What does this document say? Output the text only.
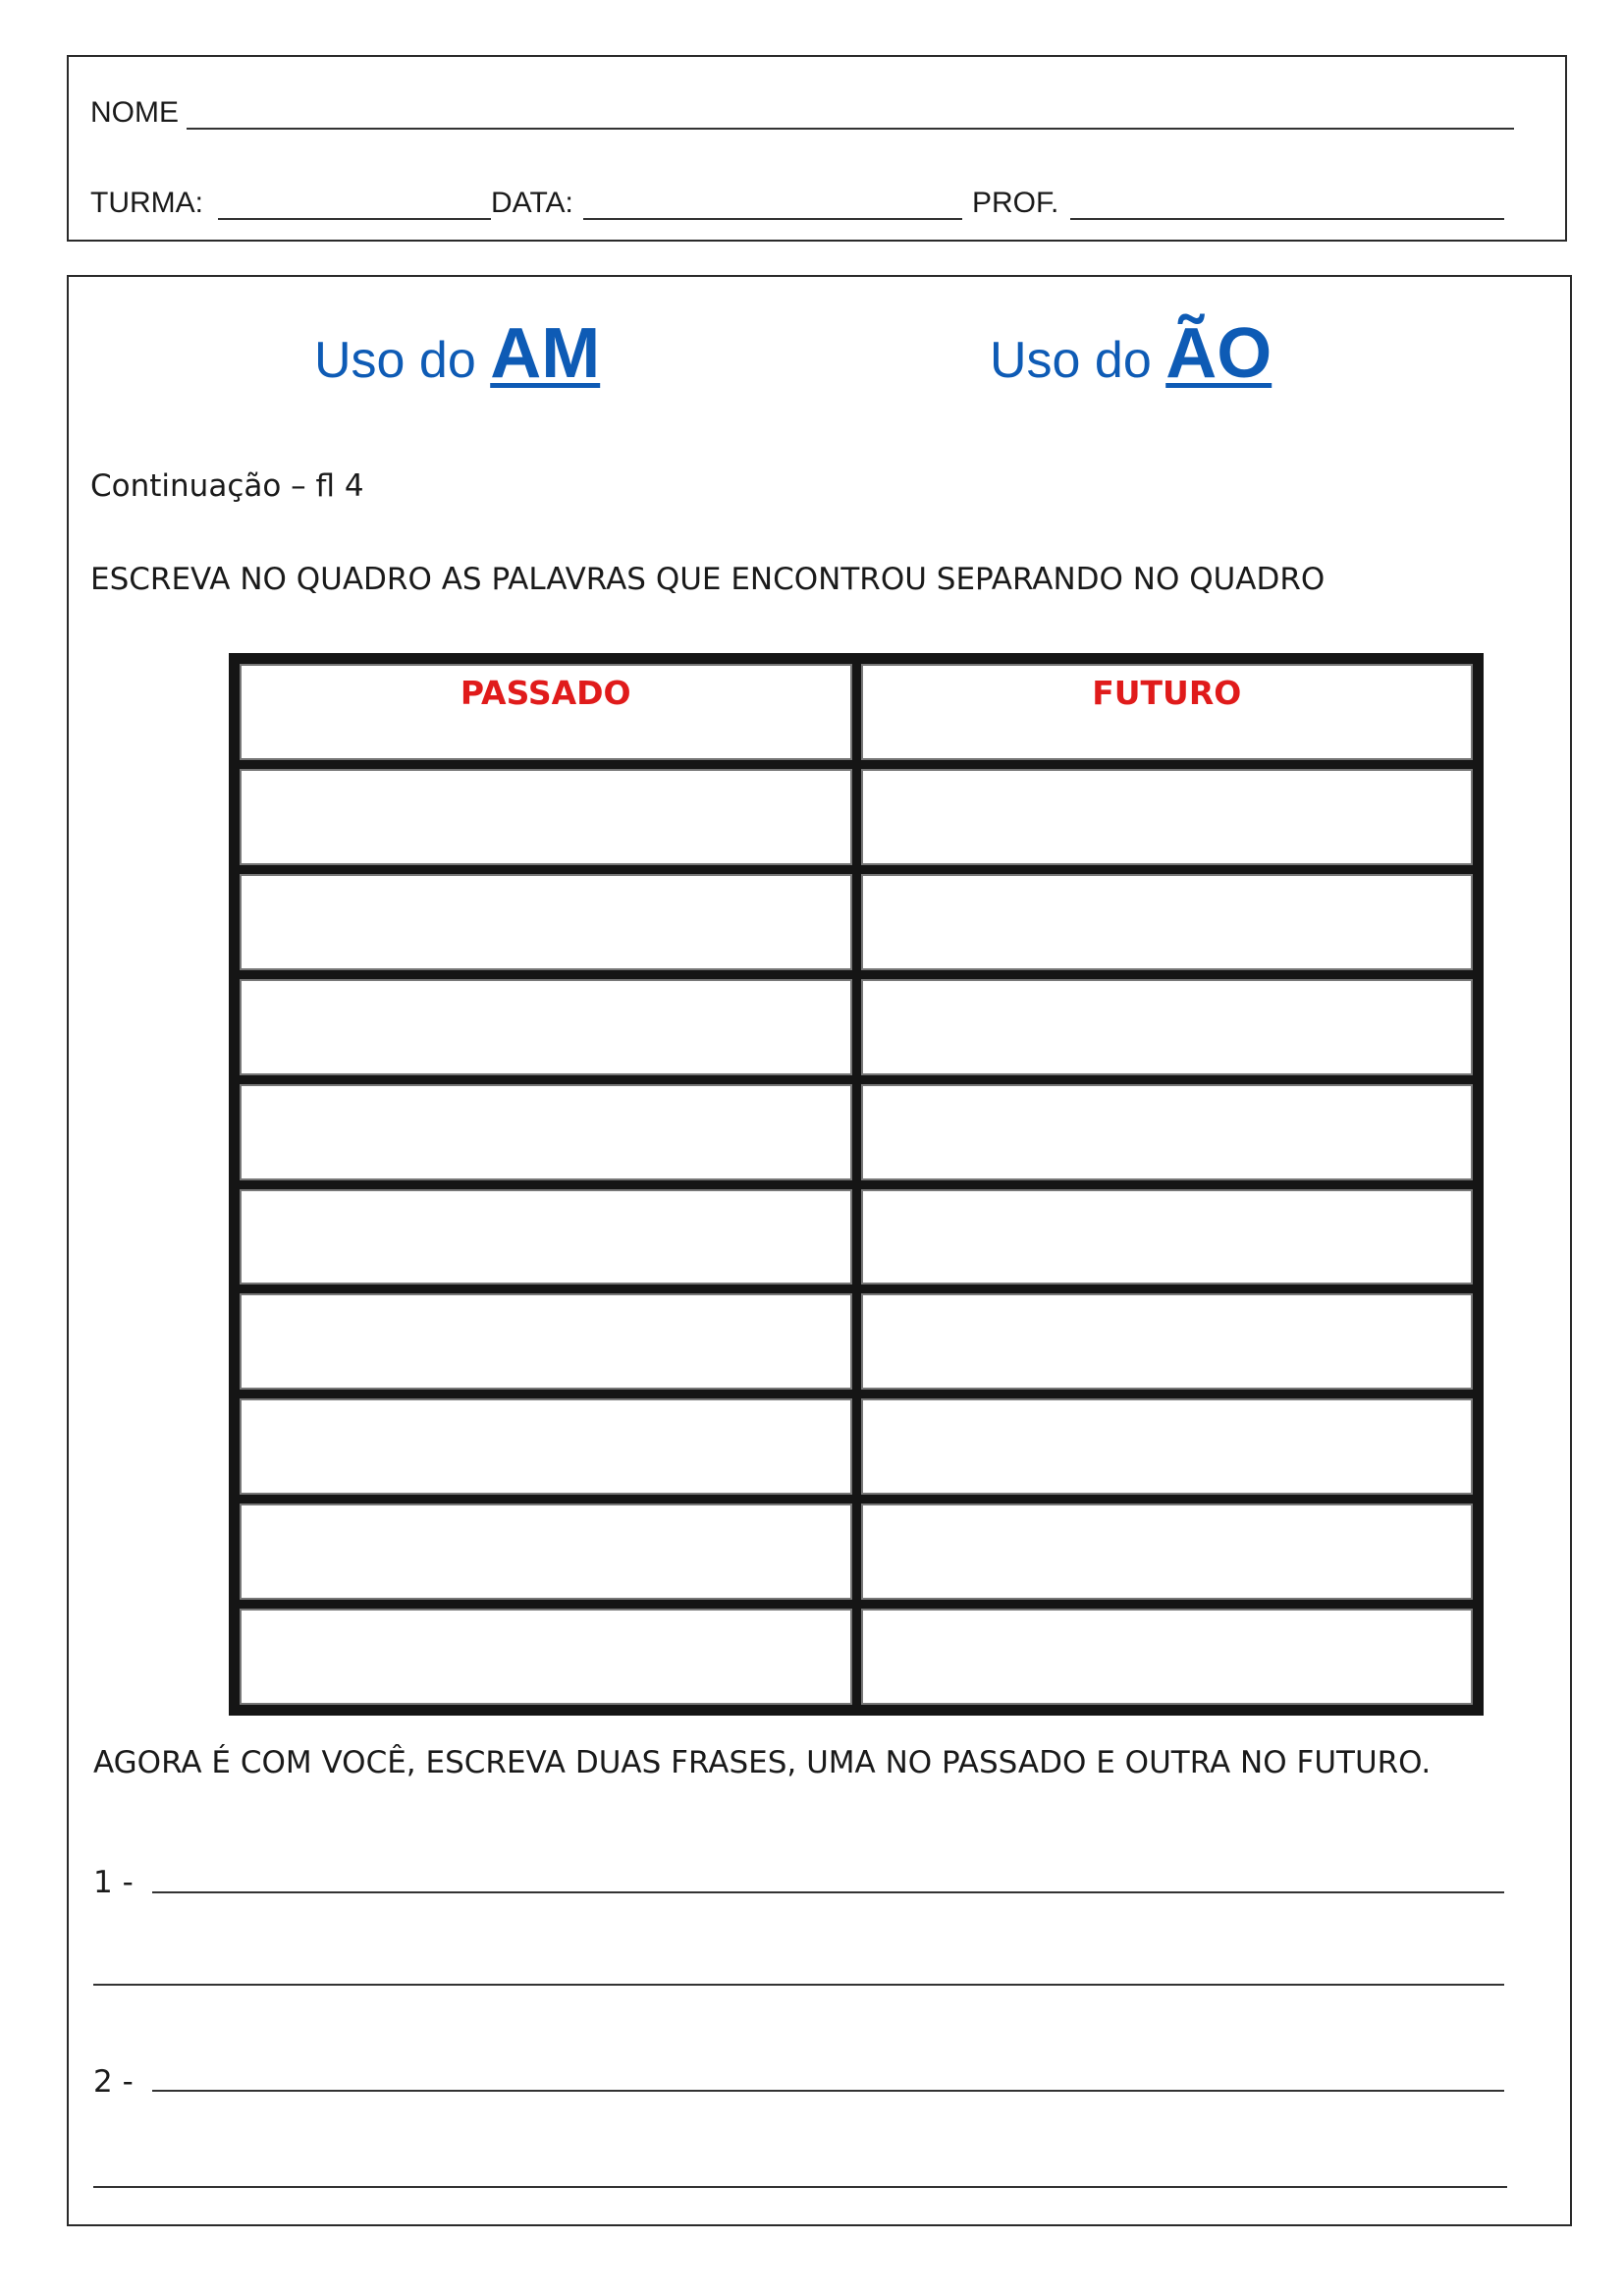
NOME
TURMA:	DATA:	PROF.
Uso do AM	Uso do ÃO
Continuação – fl 4
ESCREVA NO QUADRO AS PALAVRAS QUE ENCONTROU SEPARANDO NO QUADRO
PASSADO	FUTURO
AGORA É COM VOCÊ, ESCREVA DUAS FRASES, UMA NO PASSADO E OUTRA NO FUTURO.
1 -
2 -
